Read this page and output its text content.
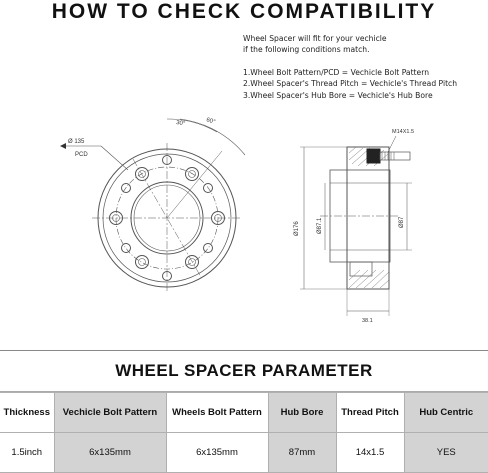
HOW TO CHECK COMPATIBILITY
Wheel Spacer will fit for your vechicle
if the following conditions match.
1.Wheel Bolt Pattern/PCD = Vechicle Bolt Pattern
2.Wheel Spacer's Thread Pitch = Vechicle's Thread Pitch
3.Wheel Spacer's Hub Bore = Vechicle's Hub Bore
Ø 135
PCD
30°	60°
M14X1.5
Ø176	Ø87.1	Ø87
38.1
WHEEL SPACER PARAMETER
Thickness	Vechicle Bolt Pattern	Wheels Bolt Pattern	Hub Bore	Thread Pitch	Hub Centric
1.5inch	6x135mm	6x135mm	87mm	14x1.5	YES
